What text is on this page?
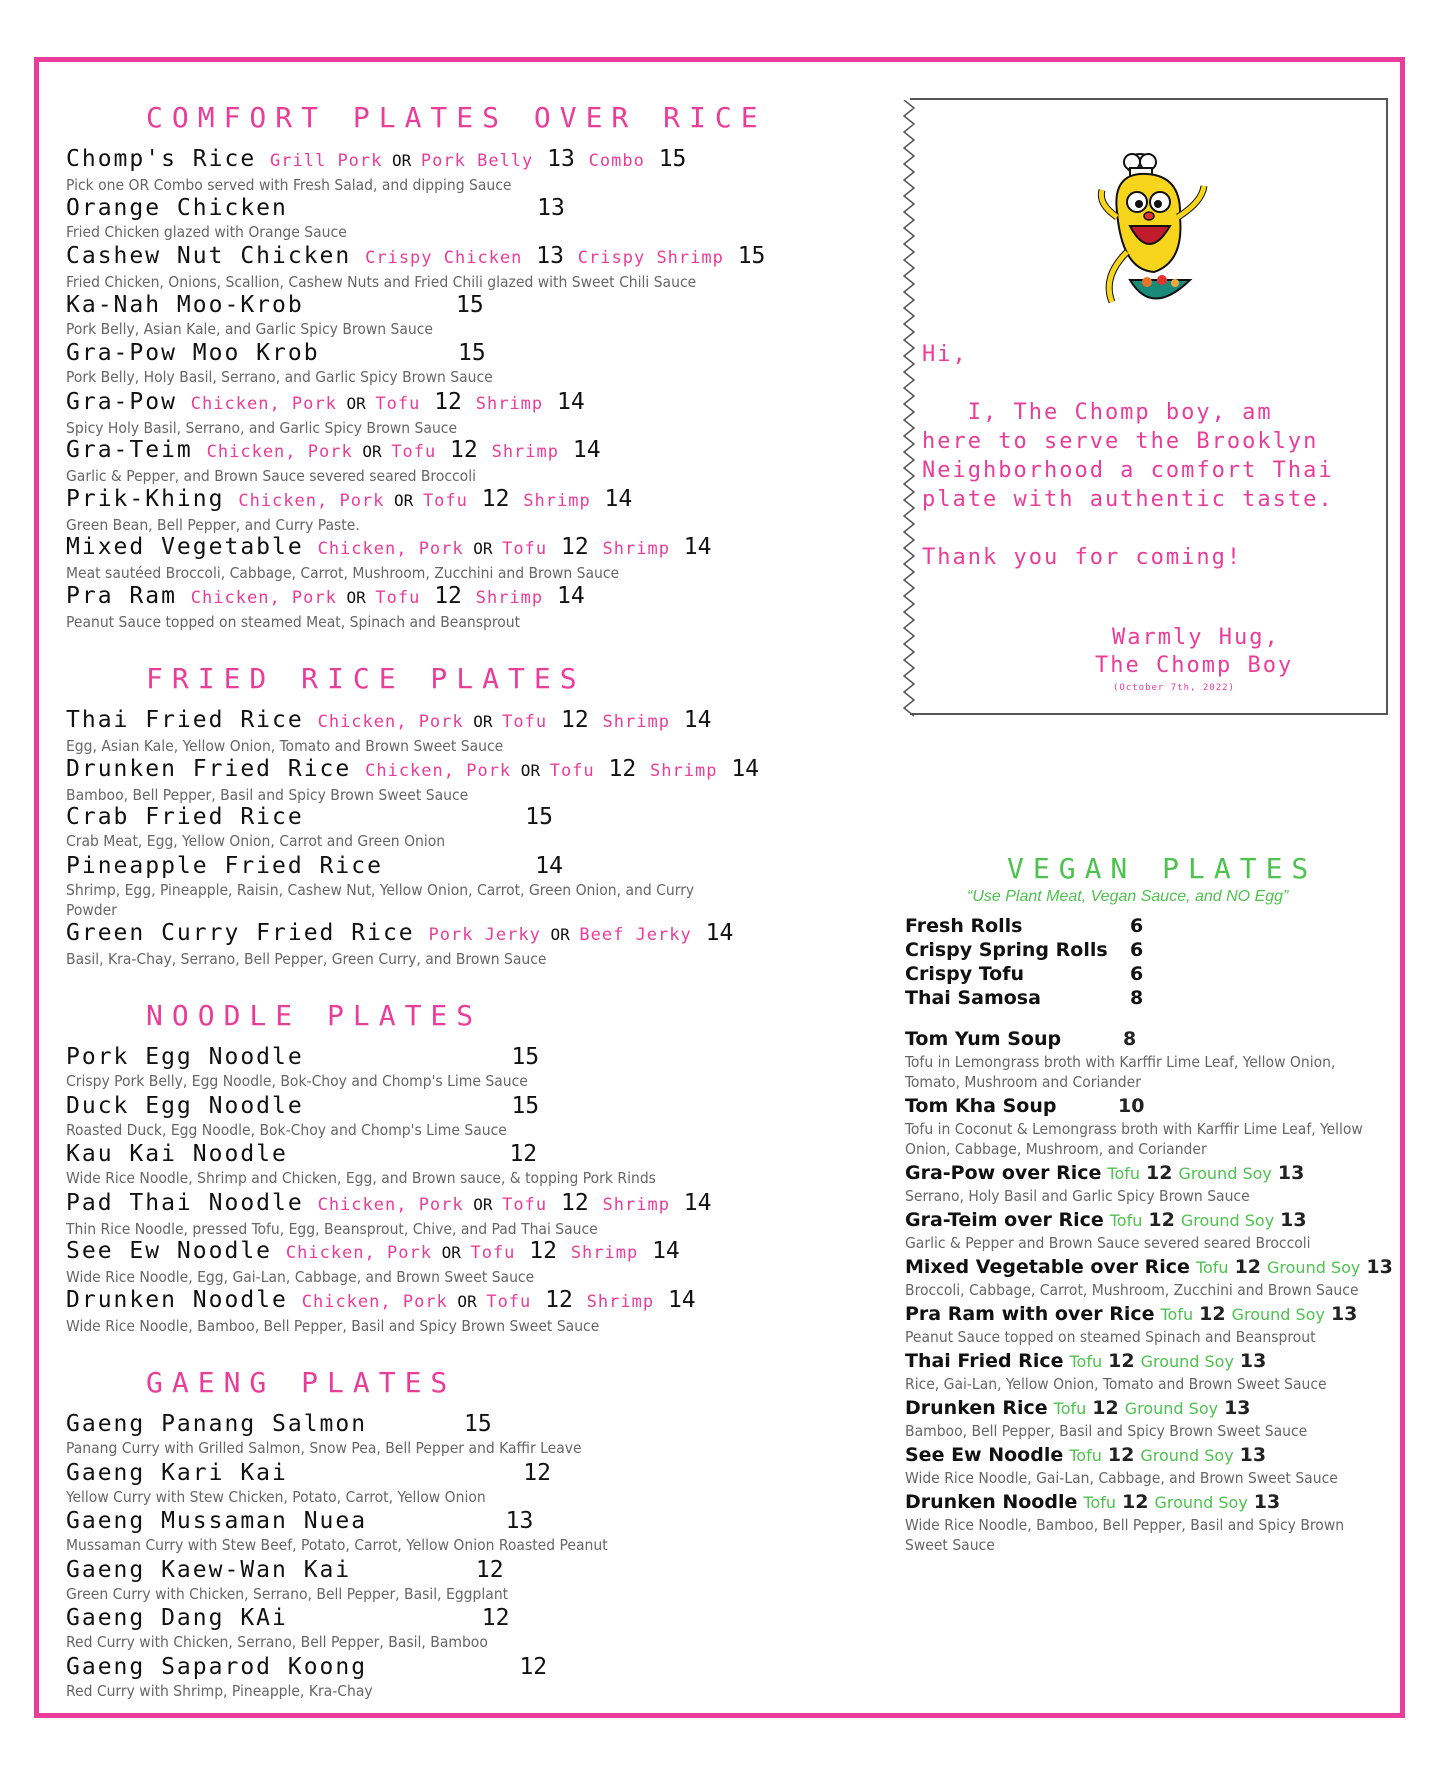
COMFORT PLATES OVER RICE
Chomp's Rice Grill Pork OR Pork Belly 13 Combo 15
Pick one OR Combo served with Fresh Salad, and dipping Sauce
Orange Chicken                  13
Fried Chicken glazed with Orange Sauce
Cashew Nut Chicken Crispy Chicken 13 Crispy Shrimp 15
Fried Chicken, Onions, Scallion, Cashew Nuts and Fried Chili glazed with Sweet Chili Sauce
Ka-Nah Moo-Krob           15
Pork Belly, Asian Kale, and Garlic Spicy Brown Sauce
Gra-Pow Moo Krob          15
Pork Belly, Holy Basil, Serrano, and Garlic Spicy Brown Sauce
Gra-Pow Chicken, Pork OR Tofu 12 Shrimp 14
Spicy Holy Basil, Serrano, and Garlic Spicy Brown Sauce
Gra-Teim Chicken, Pork OR Tofu 12 Shrimp 14
Garlic & Pepper, and Brown Sauce severed seared Broccoli
Prik-Khing Chicken, Pork OR Tofu 12 Shrimp 14
Green Bean, Bell Pepper, and Curry Paste.
Mixed Vegetable Chicken, Pork OR Tofu 12 Shrimp 14
Meat sautéed Broccoli, Cabbage, Carrot, Mushroom, Zucchini and Brown Sauce
Pra Ram Chicken, Pork OR Tofu 12 Shrimp 14
Peanut Sauce topped on steamed Meat, Spinach and Beansprout
FRIED RICE PLATES
Thai Fried Rice Chicken, Pork OR Tofu 12 Shrimp 14
Egg, Asian Kale, Yellow Onion, Tomato and Brown Sweet Sauce
Drunken Fried Rice Chicken, Pork OR Tofu 12 Shrimp 14
Bamboo, Bell Pepper, Basil and Spicy Brown Sweet Sauce
Crab Fried Rice                15
Crab Meat, Egg, Yellow Onion, Carrot and Green Onion
Pineapple Fried Rice           14
Shrimp, Egg, Pineapple, Raisin, Cashew Nut, Yellow Onion, Carrot, Green Onion, and Curry
Powder
Green Curry Fried Rice Pork Jerky OR Beef Jerky 14
Basil, Kra-Chay, Serrano, Bell Pepper, Green Curry, and Brown Sauce
NOODLE PLATES
Pork Egg Noodle               15
Crispy Pork Belly, Egg Noodle, Bok-Choy and Chomp's Lime Sauce
Duck Egg Noodle               15
Roasted Duck, Egg Noodle, Bok-Choy and Chomp's Lime Sauce
Kau Kai Noodle                12
Wide Rice Noodle, Shrimp and Chicken, Egg, and Brown sauce, & topping Pork Rinds
Pad Thai Noodle Chicken, Pork OR Tofu 12 Shrimp 14
Thin Rice Noodle, pressed Tofu, Egg, Beansprout, Chive, and Pad Thai Sauce
See Ew Noodle Chicken, Pork OR Tofu 12 Shrimp 14
Wide Rice Noodle, Egg, Gai-Lan, Cabbage, and Brown Sweet Sauce
Drunken Noodle Chicken, Pork OR Tofu 12 Shrimp 14
Wide Rice Noodle, Bamboo, Bell Pepper, Basil and Spicy Brown Sweet Sauce
GAENG PLATES
Gaeng Panang Salmon       15
Panang Curry with Grilled Salmon, Snow Pea, Bell Pepper and Kaffir Leave
Gaeng Kari Kai                 12
Yellow Curry with Stew Chicken, Potato, Carrot, Yellow Onion
Gaeng Mussaman Nuea          13
Mussaman Curry with Stew Beef, Potato, Carrot, Yellow Onion Roasted Peanut
Gaeng Kaew-Wan Kai         12
Green Curry with Chicken, Serrano, Bell Pepper, Basil, Eggplant
Gaeng Dang KAi              12
Red Curry with Chicken, Serrano, Bell Pepper, Basil, Bamboo
Gaeng Saparod Koong           12
Red Curry with Shrimp, Pineapple, Kra-Chay
Hi,

I, The Chomp boy, am
here to serve the Brooklyn
Neighborhood a comfort Thai
plate with authentic taste.

Thank you for coming!
Warmly Hug,
The Chomp Boy
(October 7th, 2022)
VEGAN PLATES
“Use Plant Meat, Vegan Sauce, and NO Egg”
Fresh Rolls	6
Crispy Spring Rolls	6
Crispy Tofu	6
Thai Samosa	8
Tom Yum Soup	8
Tofu in Lemongrass broth with Karffir Lime Leaf, Yellow Onion, Tomato, Mushroom and Coriander
Tom Kha Soup	10
Tofu in Coconut & Lemongrass broth with Karffir Lime Leaf, Yellow Onion, Cabbage, Mushroom, and Coriander
Gra-Pow over Rice Tofu 12 Ground Soy 13
Serrano, Holy Basil and Garlic Spicy Brown Sauce
Gra-Teim over Rice Tofu 12 Ground Soy 13
Garlic & Pepper and Brown Sauce severed seared Broccoli
Mixed Vegetable over Rice Tofu 12 Ground Soy 13
Broccoli, Cabbage, Carrot, Mushroom, Zucchini and Brown Sauce
Pra Ram with over Rice Tofu 12 Ground Soy 13
Peanut Sauce topped on steamed Spinach and Beansprout
Thai Fried Rice Tofu 12 Ground Soy 13
Rice, Gai-Lan, Yellow Onion, Tomato and Brown Sweet Sauce
Drunken Rice Tofu 12 Ground Soy 13
Bamboo, Bell Pepper, Basil and Spicy Brown Sweet Sauce
See Ew Noodle Tofu 12 Ground Soy 13
Wide Rice Noodle, Gai-Lan, Cabbage, and Brown Sweet Sauce
Drunken Noodle Tofu 12 Ground Soy 13
Wide Rice Noodle, Bamboo, Bell Pepper, Basil and Spicy Brown Sweet Sauce
